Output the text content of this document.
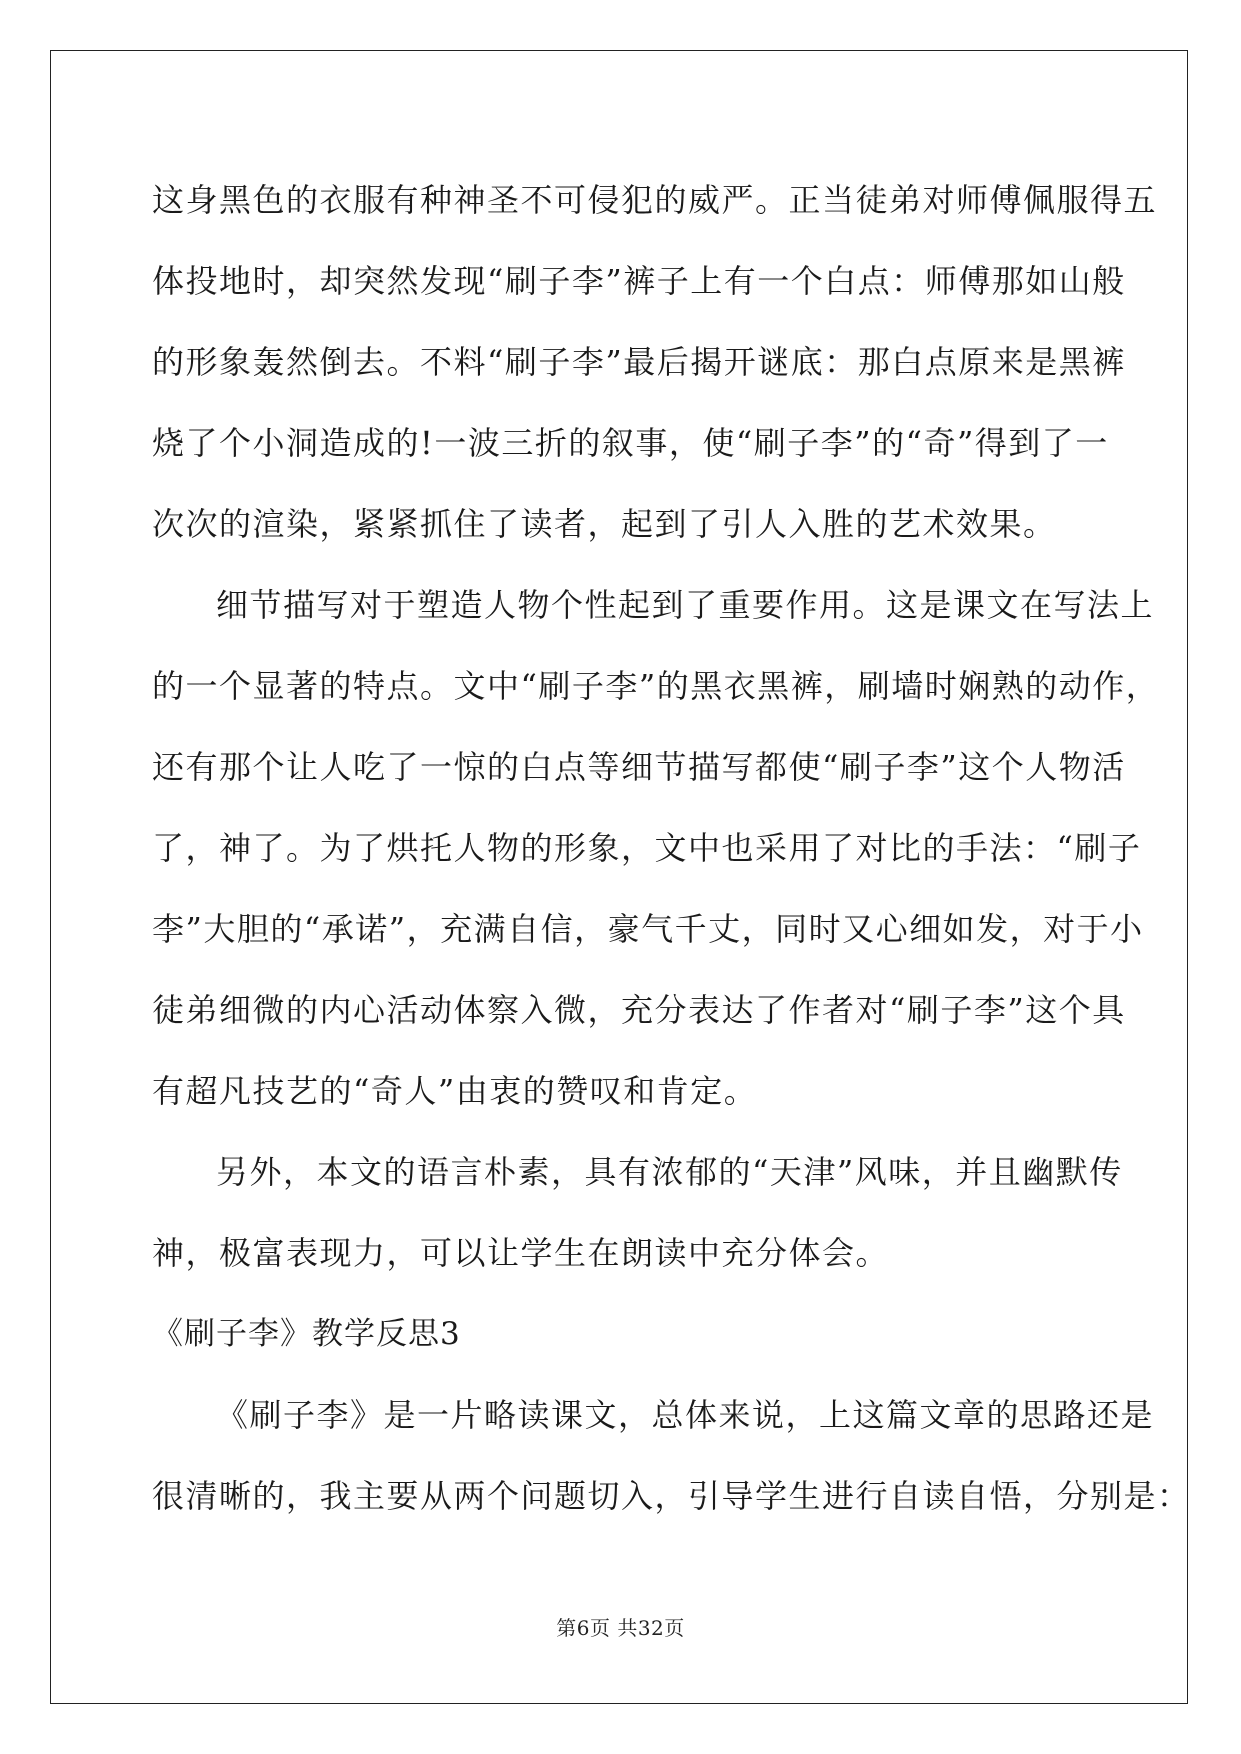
这身黑色的衣服有种神圣不可侵犯的威严。正当徒弟对师傅佩服得五
体投地时，却突然发现“刷子李”裤子上有一个白点：师傅那如山般
的形象轰然倒去。不料“刷子李”最后揭开谜底：那白点原来是黑裤
烧了个小洞造成的!一波三折的叙事，使“刷子李”的“奇”得到了一
次次的渲染，紧紧抓住了读者，起到了引人入胜的艺术效果。

细节描写对于塑造人物个性起到了重要作用。这是课文在写法上
的一个显著的特点。文中“刷子李”的黑衣黑裤，刷墙时娴熟的动作，
还有那个让人吃了一惊的白点等细节描写都使“刷子李”这个人物活
了，神了。为了烘托人物的形象，文中也采用了对比的手法：“刷子
李”大胆的“承诺”，充满自信，豪气千丈，同时又心细如发，对于小
徒弟细微的内心活动体察入微，充分表达了作者对“刷子李”这个具
有超凡技艺的“奇人”由衷的赞叹和肯定。

另外，本文的语言朴素，具有浓郁的“天津”风味，并且幽默传
神，极富表现力，可以让学生在朗读中充分体会。

《刷子李》教学反思3

《刷子李》是一片略读课文，总体来说，上这篇文章的思路还是
很清晰的，我主要从两个问题切入，引导学生进行自读自悟，分别是：

第6页 共32页
